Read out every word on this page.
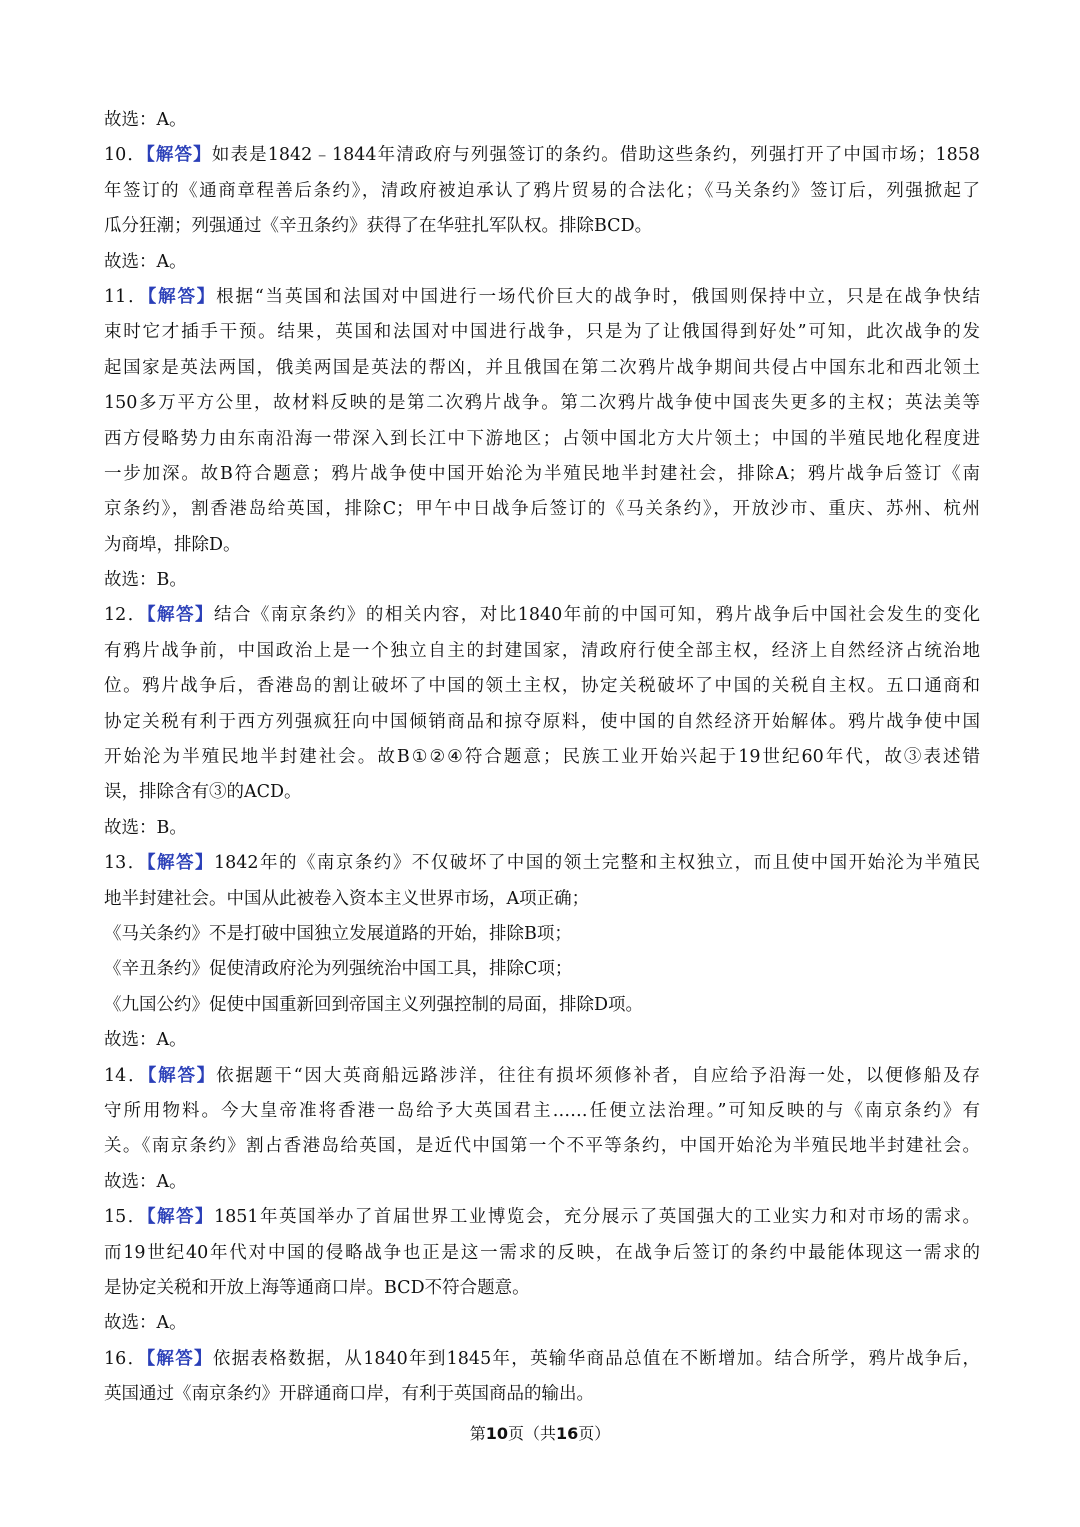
故选：A。
10．【解答】如表是1842﹣1844年清政府与列强签订的条约。借助这些条约，列强打开了中国市场；1858
年签订的《通商章程善后条约》，清政府被迫承认了鸦片贸易的合法化；《马关条约》签订后，列强掀起了
瓜分狂潮；列强通过《辛丑条约》获得了在华驻扎军队权。排除BCD。
故选：A。
11．【解答】根据“当英国和法国对中国进行一场代价巨大的战争时，俄国则保持中立，只是在战争快结
束时它才插手干预。结果，英国和法国对中国进行战争，只是为了让俄国得到好处”可知，此次战争的发
起国家是英法两国，俄美两国是英法的帮凶，并且俄国在第二次鸦片战争期间共侵占中国东北和西北领土
150多万平方公里，故材料反映的是第二次鸦片战争。第二次鸦片战争使中国丧失更多的主权；英法美等
西方侵略势力由东南沿海一带深入到长江中下游地区；占领中国北方大片领土；中国的半殖民地化程度进
一步加深。故B符合题意；鸦片战争使中国开始沦为半殖民地半封建社会，排除A；鸦片战争后签订《南
京条约》，割香港岛给英国，排除C；甲午中日战争后签订的《马关条约》，开放沙市、重庆、苏州、杭州
为商埠，排除D。
故选：B。
12．【解答】结合《南京条约》的相关内容，对比1840年前的中国可知，鸦片战争后中国社会发生的变化
有鸦片战争前，中国政治上是一个独立自主的封建国家，清政府行使全部主权，经济上自然经济占统治地
位。鸦片战争后，香港岛的割让破坏了中国的领土主权，协定关税破坏了中国的关税自主权。五口通商和
协定关税有利于西方列强疯狂向中国倾销商品和掠夺原料，使中国的自然经济开始解体。鸦片战争使中国
开始沦为半殖民地半封建社会。故B①②④符合题意；民族工业开始兴起于19世纪60年代，故③表述错
误，排除含有③的ACD。
故选：B。
13．【解答】1842年的《南京条约》不仅破坏了中国的领土完整和主权独立，而且使中国开始沦为半殖民
地半封建社会。中国从此被卷入资本主义世界市场，A项正确；
《马关条约》不是打破中国独立发展道路的开始，排除B项；
《辛丑条约》促使清政府沦为列强统治中国工具，排除C项；
《九国公约》促使中国重新回到帝国主义列强控制的局面，排除D项。
故选：A。
14．【解答】依据题干“因大英商船远路涉洋，往往有损坏须修补者，自应给予沿海一处，以便修船及存
守所用物料。今大皇帝准将香港一岛给予大英国君主……任便立法治理。”可知反映的与《南京条约》有
关。《南京条约》割占香港岛给英国，是近代中国第一个不平等条约，中国开始沦为半殖民地半封建社会。
故选：A。
15．【解答】1851年英国举办了首届世界工业博览会，充分展示了英国强大的工业实力和对市场的需求。
而19世纪40年代对中国的侵略战争也正是这一需求的反映，在战争后签订的条约中最能体现这一需求的
是协定关税和开放上海等通商口岸。BCD不符合题意。
故选：A。
16．【解答】依据表格数据，从1840年到1845年，英输华商品总值在不断增加。结合所学，鸦片战争后，
英国通过《南京条约》开辟通商口岸，有利于英国商品的输出。
第10页（共16页）
